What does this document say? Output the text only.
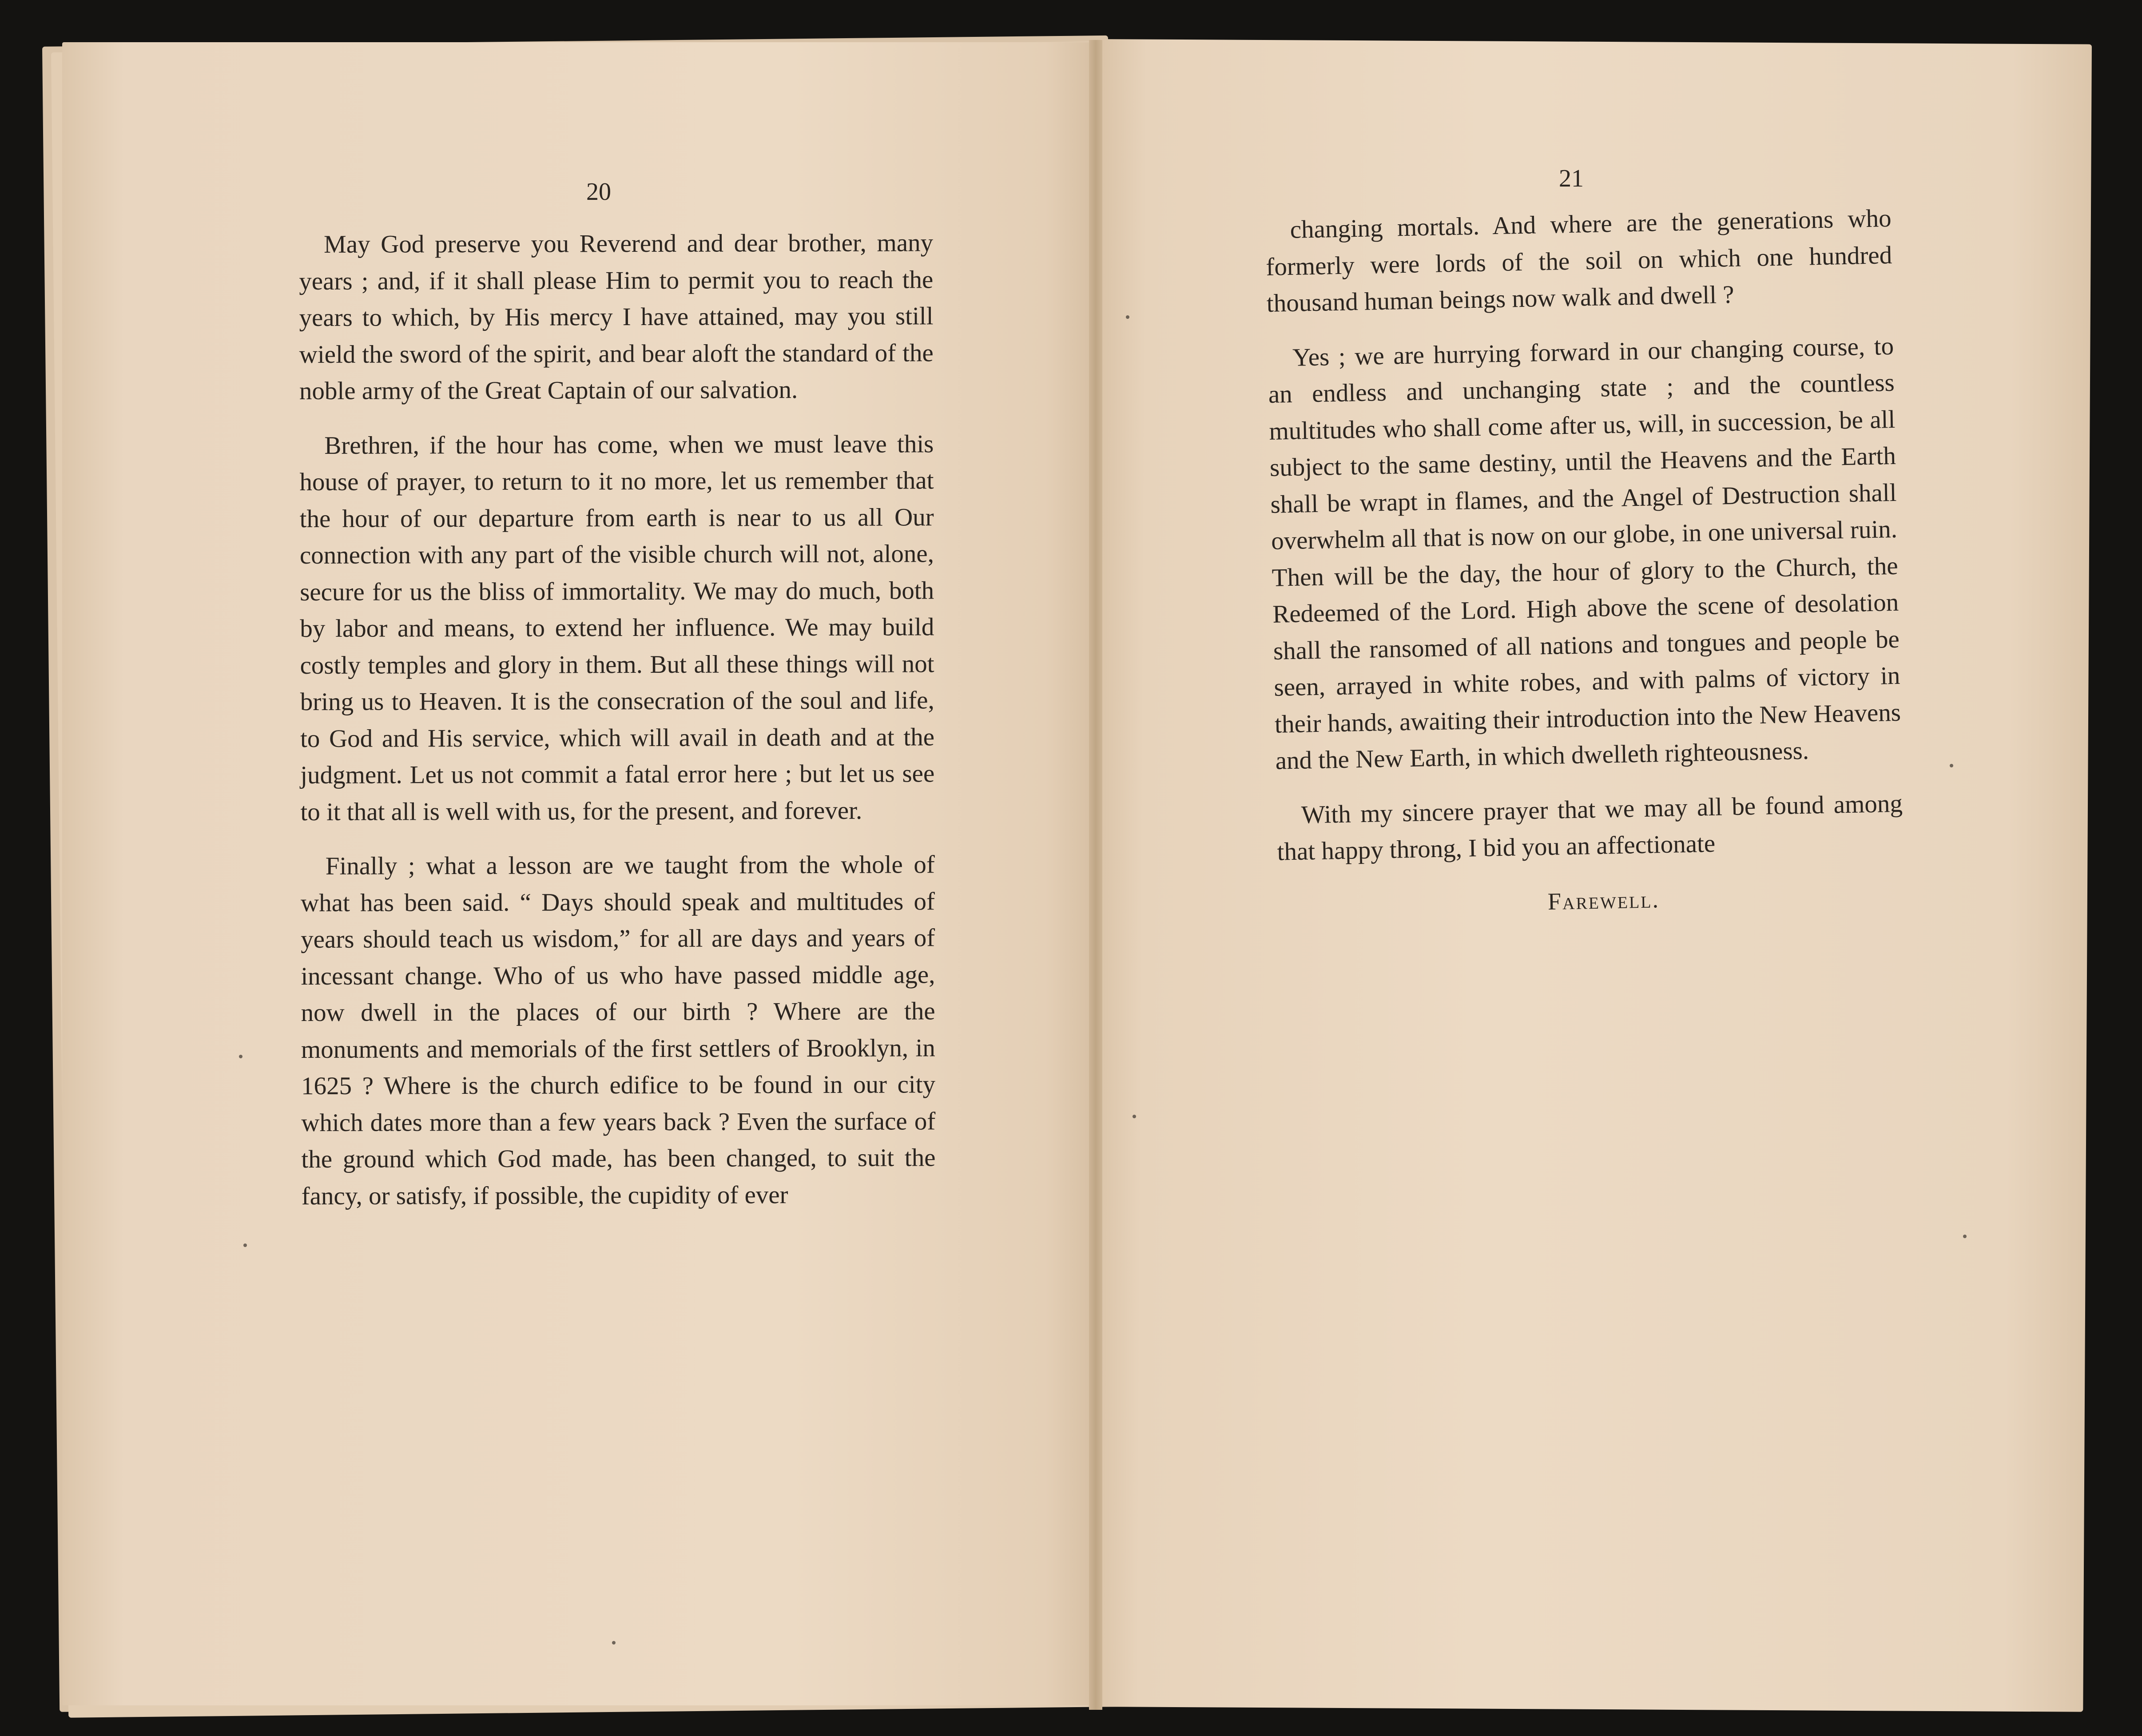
20

May God preserve you Reverend and dear brother, many years ; and, if it shall please Him to permit you to reach the years to which, by His mercy I have attained, may you still wield the sword of the spirit, and bear aloft the standard of the noble army of the Great Captain of our salvation.

Brethren, if the hour has come, when we must leave this house of prayer, to return to it no more, let us remember that the hour of our departure from earth is near to us all Our connection with any part of the visible church will not, alone, secure for us the bliss of immortality. We may do much, both by labor and means, to extend her influence. We may build costly temples and glory in them. But all these things will not bring us to Heaven. It is the consecration of the soul and life, to God and His service, which will avail in death and at the judgment. Let us not commit a fatal error here ; but let us see to it that all is well with us, for the present, and forever.

Finally ; what a lesson are we taught from the whole of what has been said. “ Days should speak and multitudes of years should teach us wisdom,” for all are days and years of incessant change. Who of us who have passed middle age, now dwell in the places of our birth ? Where are the monuments and memorials of the first settlers of Brooklyn, in 1625 ? Where is the church edifice to be found in our city which dates more than a few years back ? Even the surface of the ground which God made, has been changed, to suit the fancy, or satisfy, if possible, the cupidity of ever

21

changing mortals. And where are the generations who formerly were lords of the soil on which one hundred thousand human beings now walk and dwell ?

Yes ; we are hurrying forward in our changing course, to an endless and unchanging state ; and the countless multitudes who shall come after us, will, in succession, be all subject to the same destiny, until the Heavens and the Earth shall be wrapt in flames, and the Angel of Destruction shall overwhelm all that is now on our globe, in one universal ruin. Then will be the day, the hour of glory to the Church, the Redeemed of the Lord. High above the scene of desolation shall the ransomed of all nations and tongues and people be seen, arrayed in white robes, and with palms of victory in their hands, awaiting their introduction into the New Heavens and the New Earth, in which dwelleth righteousness.

With my sincere prayer that we may all be found among that happy throng, I bid you an affectionate

Farewell.
